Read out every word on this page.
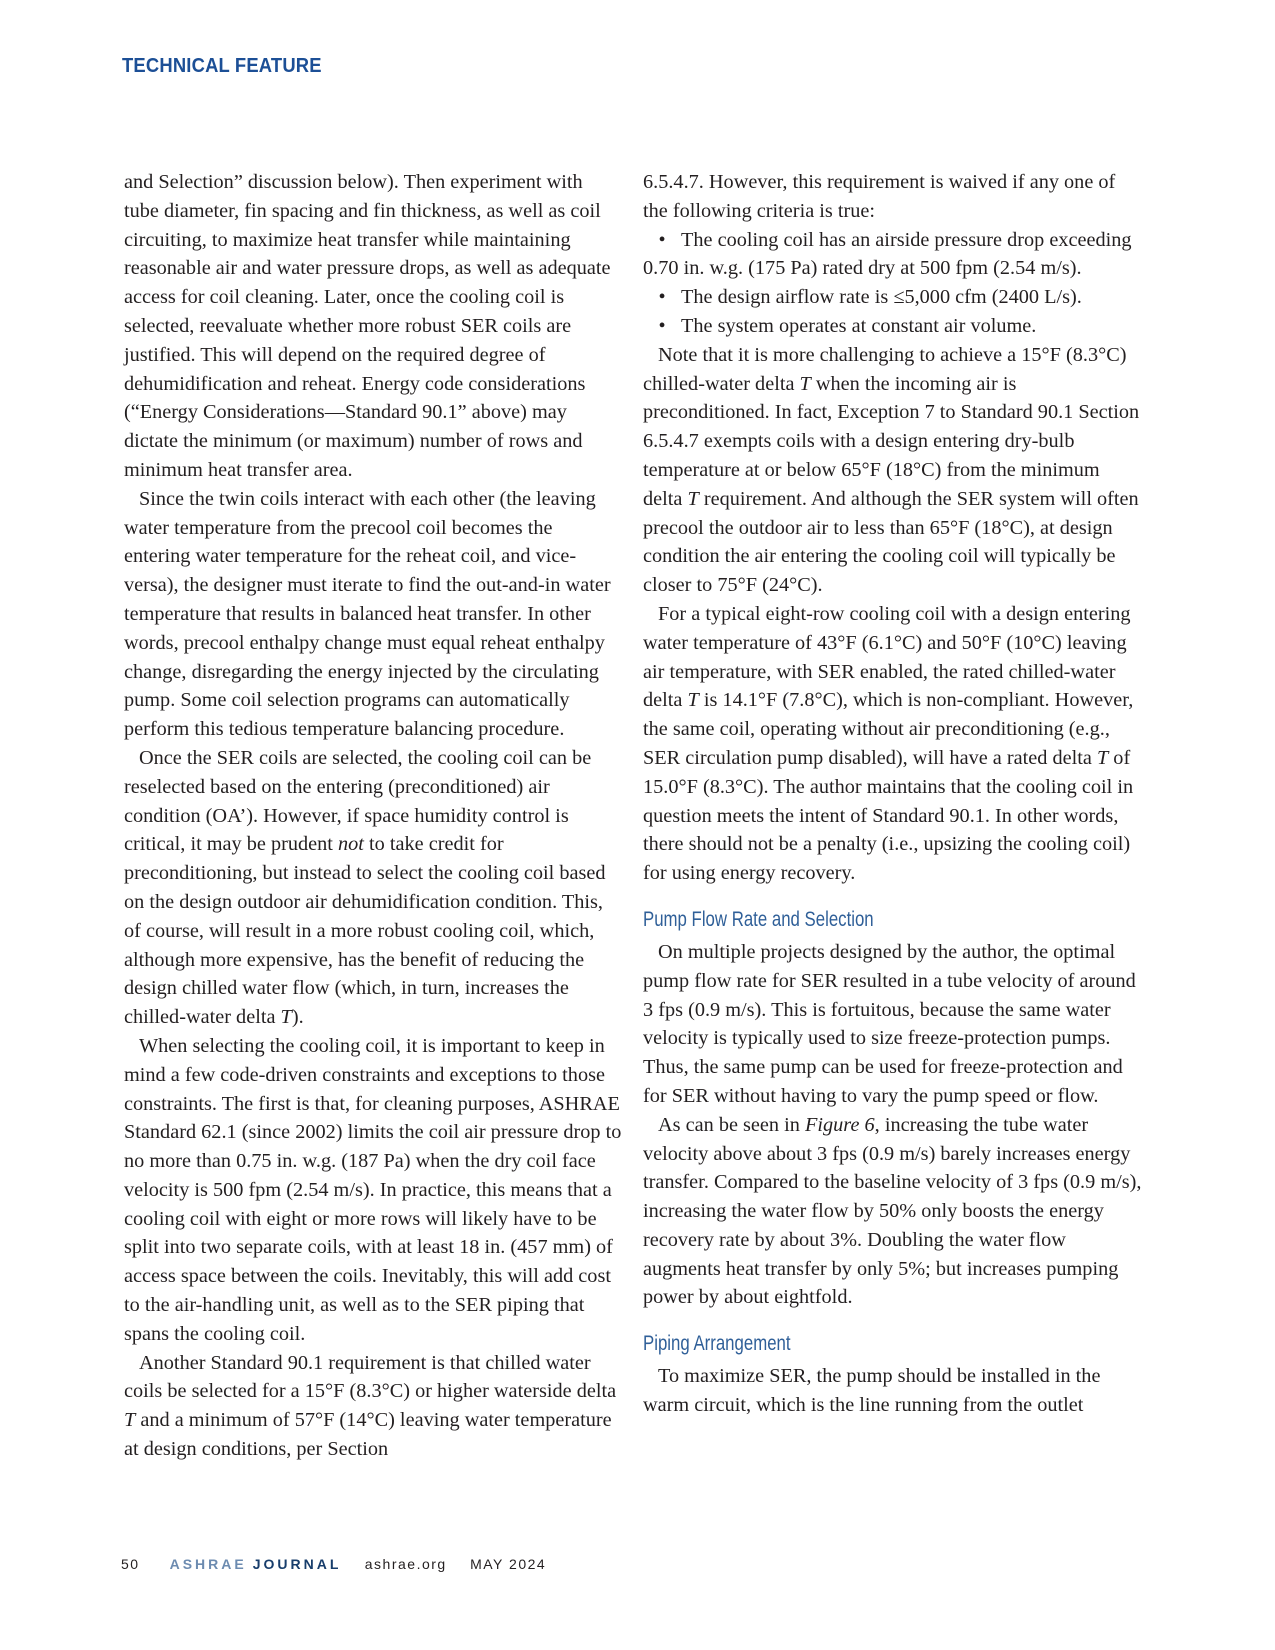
TECHNICAL FEATURE

and Selection” discussion below). Then experiment with tube diameter, fin spacing and fin thickness, as well as coil circuiting, to maximize heat transfer while maintaining reasonable air and water pressure drops, as well as adequate access for coil cleaning. Later, once the cooling coil is selected, reevaluate whether more robust SER coils are justified. This will depend on the required degree of dehumidification and reheat. Energy code considerations (“Energy Considerations—Standard 90.1” above) may dictate the minimum (or maximum) number of rows and minimum heat transfer area.

Since the twin coils interact with each other (the leaving water temperature from the precool coil becomes the entering water temperature for the reheat coil, and vice-versa), the designer must iterate to find the out-and-in water temperature that results in balanced heat transfer. In other words, precool enthalpy change must equal reheat enthalpy change, disregarding the energy injected by the circulating pump. Some coil selection programs can automatically perform this tedious temperature balancing procedure.

Once the SER coils are selected, the cooling coil can be reselected based on the entering (preconditioned) air condition (OA’). However, if space humidity control is critical, it may be prudent not to take credit for preconditioning, but instead to select the cooling coil based on the design outdoor air dehumidification condition. This, of course, will result in a more robust cooling coil, which, although more expensive, has the benefit of reducing the design chilled water flow (which, in turn, increases the chilled-water delta T).

When selecting the cooling coil, it is important to keep in mind a few code-driven constraints and exceptions to those constraints. The first is that, for cleaning purposes, ASHRAE Standard 62.1 (since 2002) limits the coil air pressure drop to no more than 0.75 in. w.g. (187 Pa) when the dry coil face velocity is 500 fpm (2.54 m/s). In practice, this means that a cooling coil with eight or more rows will likely have to be split into two separate coils, with at least 18 in. (457 mm) of access space between the coils. Inevitably, this will add cost to the air-handling unit, as well as to the SER piping that spans the cooling coil.

Another Standard 90.1 requirement is that chilled water coils be selected for a 15°F (8.3°C) or higher waterside delta T and a minimum of 57°F (14°C) leaving water temperature at design conditions, per Section

6.5.4.7. However, this requirement is waived if any one of the following criteria is true:

• The cooling coil has an airside pressure drop exceeding 0.70 in. w.g. (175 Pa) rated dry at 500 fpm (2.54 m/s).

• The design airflow rate is ≤5,000 cfm (2400 L/s).

• The system operates at constant air volume.

Note that it is more challenging to achieve a 15°F (8.3°C) chilled-water delta T when the incoming air is preconditioned. In fact, Exception 7 to Standard 90.1 Section 6.5.4.7 exempts coils with a design entering dry-bulb temperature at or below 65°F (18°C) from the minimum delta T requirement. And although the SER system will often precool the outdoor air to less than 65°F (18°C), at design condition the air entering the cooling coil will typically be closer to 75°F (24°C).

For a typical eight-row cooling coil with a design entering water temperature of 43°F (6.1°C) and 50°F (10°C) leaving air temperature, with SER enabled, the rated chilled-water delta T is 14.1°F (7.8°C), which is non-compliant. However, the same coil, operating without air preconditioning (e.g., SER circulation pump disabled), will have a rated delta T of 15.0°F (8.3°C). The author maintains that the cooling coil in question meets the intent of Standard 90.1. In other words, there should not be a penalty (i.e., upsizing the cooling coil) for using energy recovery.

Pump Flow Rate and Selection

On multiple projects designed by the author, the optimal pump flow rate for SER resulted in a tube velocity of around 3 fps (0.9 m/s). This is fortuitous, because the same water velocity is typically used to size freeze-protection pumps. Thus, the same pump can be used for freeze-protection and for SER without having to vary the pump speed or flow.

As can be seen in Figure 6, increasing the tube water velocity above about 3 fps (0.9 m/s) barely increases energy transfer. Compared to the baseline velocity of 3 fps (0.9 m/s), increasing the water flow by 50% only boosts the energy recovery rate by about 3%. Doubling the water flow augments heat transfer by only 5%; but increases pumping power by about eightfold.

Piping Arrangement

To maximize SER, the pump should be installed in the warm circuit, which is the line running from the outlet

50 ASHRAE JOURNAL ashrae.org MAY 2024
